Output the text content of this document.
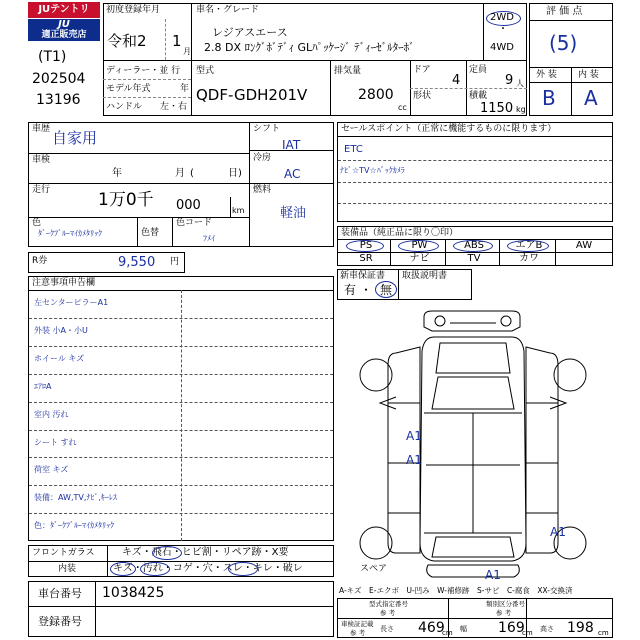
JUテントリ
JU
適正販売店
(T1)
202504
13196
初度登録年月
令和2 1
月
車名・グレード
レジアスエース
2.8 DX ﾛﾝｸﾞﾎﾞﾃﾞｨ GLﾊﾟｯｹｰｼﾞ ﾃﾞｨｰｾﾞﾙﾀｰﾎﾞ
2WD
・
4WD
ディーラー・並 行
モデル年式	年
ハンドル 左・右
型式
QDF-GDH201V
排気量
2800
cc
ドア
4
定員
9 人
形状	積載
1150 kg
評 価 点
(5)
外 装 内 装
B A
車歴 自家用
車検
年	月 (	日)
走行	1万0千 000	km
色
ﾀﾞｰｸﾌﾞﾙｰﾏｲｶﾒﾀﾘｯｸ	色替
色コード
ﾌﾒｲ
シフト
IAT
冷房
AC
燃料
軽油
R券	9,550 円
セールスポイント（正常に機能するものに限ります）
ETC
ﾅﾋﾞ☆TV☆ﾊﾞｯｸｶﾒﾗ
装備品（純正品に限り〇印）
PS	PW	ABS	エアB	AW
SR	ナビ	TV	カワ
新車保証書 取扱説明書
有 ・ 無
注意事項申告欄
左センターピラーA1
外装 小A・小U
ホイール キズ
ｴｱﾛA
室内 汚れ
シート すれ
荷室 キズ
装備：AW,TV,ﾅﾋﾞ,ｷｰﾚｽ
色：ﾀﾞｰｸﾌﾞﾙｰﾏｲｶﾒﾀﾘｯｸ
フロントガラス	キズ・飛石・ヒビ割・リペア跡・X要
内装	キズ・汚れ・コゲ・穴・スレ・キレ・破レ
車台番号 1038425
登録番号
A1
A1
A1
A1
スペア
A-キズ　E-エクボ　U-凹み　W-補修跡　S-サビ　C-腐食　XX-交換済
型式指定番号
参 考
類別区分番号
参 考
車検証記載
参 考 長さ 469
cm 幅 169
cm 高さ 198 cm
